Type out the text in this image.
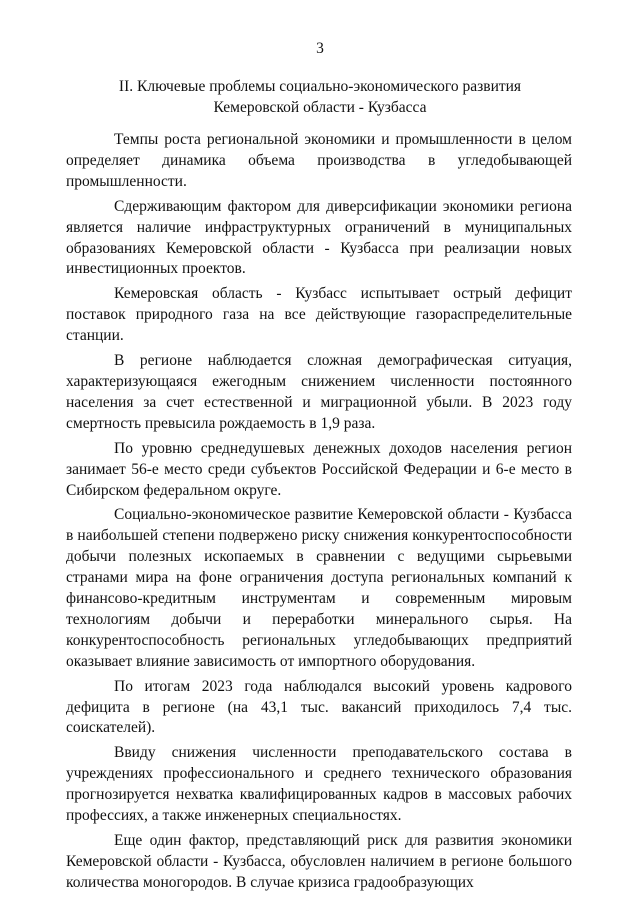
3
II. Ключевые проблемы социально-экономического развития
Кемеровской области - Кузбасса

Темпы роста региональной экономики и промышленности в целом определяет динамика объема производства в угледобывающей промышленности.

Сдерживающим фактором для диверсификации экономики региона является наличие инфраструктурных ограничений в муниципальных образованиях Кемеровской области - Кузбасса при реализации новых инвестиционных проектов.

Кемеровская область - Кузбасс испытывает острый дефицит поставок природного газа на все действующие газораспределительные станции.

В регионе наблюдается сложная демографическая ситуация, характеризующаяся ежегодным снижением численности постоянного населения за счет естественной и миграционной убыли. В 2023 году смертность превысила рождаемость в 1,9 раза.

По уровню среднедушевых денежных доходов населения регион занимает 56-е место среди субъектов Российской Федерации и 6-е место в Сибирском федеральном округе.

Социально-экономическое развитие Кемеровской области - Кузбасса в наибольшей степени подвержено риску снижения конкурентоспособности добычи полезных ископаемых в сравнении с ведущими сырьевыми странами мира на фоне ограничения доступа региональных компаний к финансово-кредитным инструментам и современным мировым технологиям добычи и переработки минерального сырья. На конкурентоспособность региональных угледобывающих предприятий оказывает влияние зависимость от импортного оборудования.

По итогам 2023 года наблюдался высокий уровень кадрового дефицита в регионе (на 43,1 тыс. вакансий приходилось 7,4 тыс. соискателей).

Ввиду снижения численности преподавательского состава в учреждениях профессионального и среднего технического образования прогнозируется нехватка квалифицированных кадров в массовых рабочих профессиях, а также инженерных специальностях.

Еще один фактор, представляющий риск для развития экономики Кемеровской области - Кузбасса, обусловлен наличием в регионе большого количества моногородов. В случае кризиса градообразующих
